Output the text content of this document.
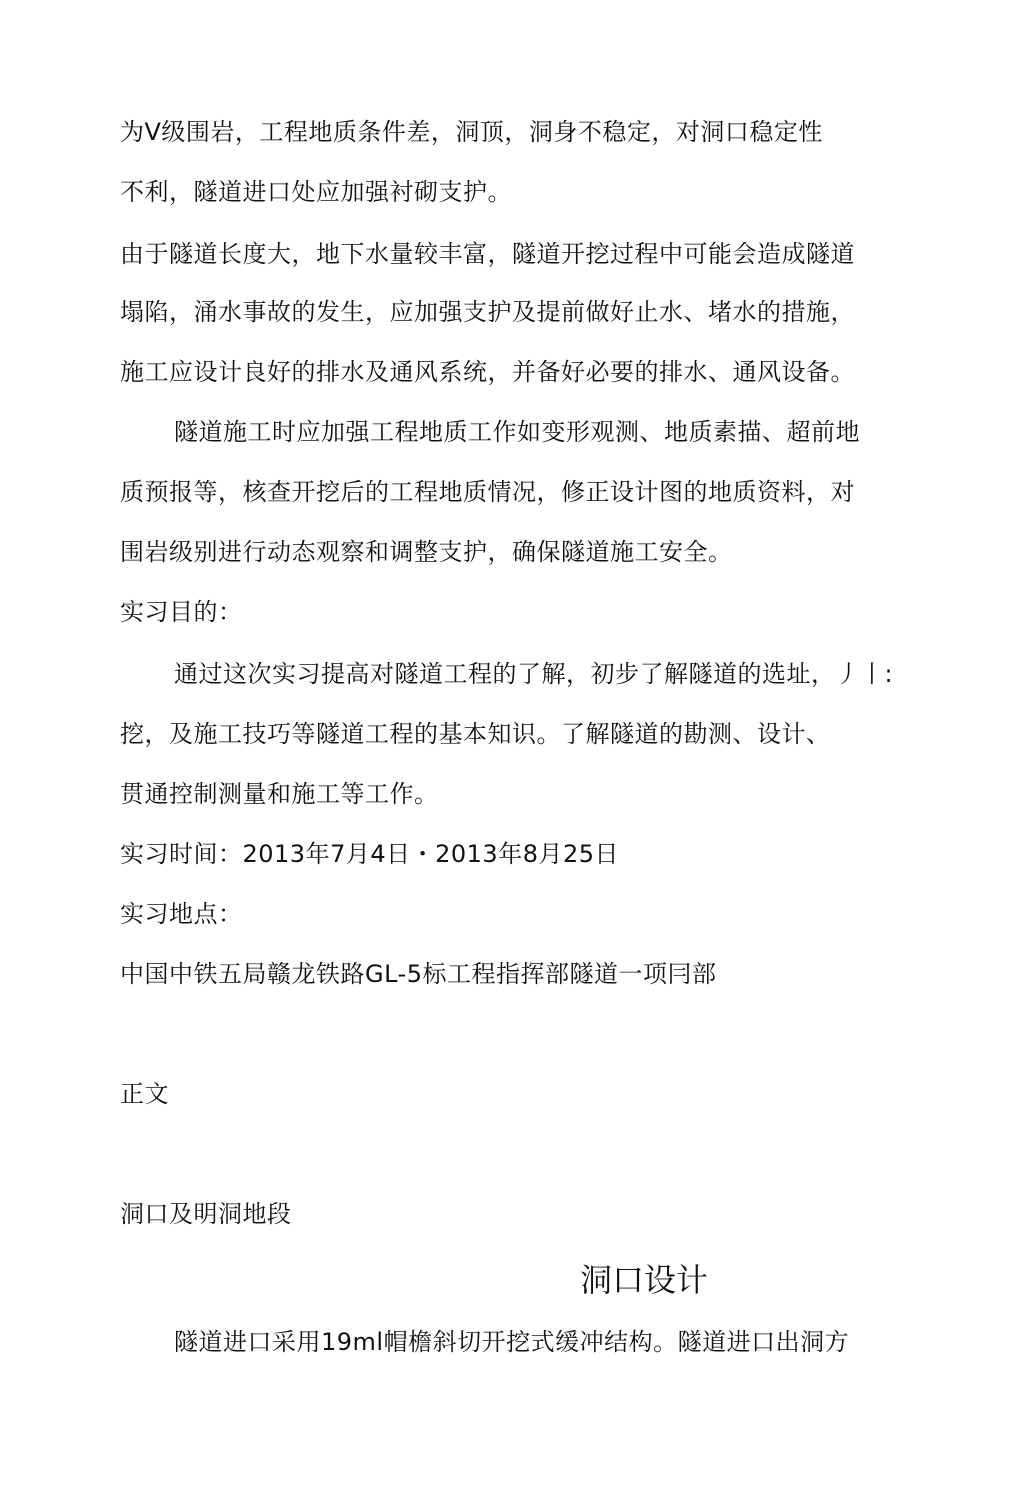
为V级围岩，工程地质条件差，洞顶，洞身不稳定，对洞口稳定性
不利，隧道进口处应加强衬砌支护。
由于隧道长度大，地下水量较丰富，隧道开挖过程中可能会造成隧道
塌陷，涌水事故的发生，应加强支护及提前做好止水、堵水的措施，
施工应设计良好的排水及通风系统，并备好必要的排水、通风设备。
隧道施工时应加强工程地质工作如变形观测、地质素描、超前地
质预报等，核查开挖后的工程地质情况，修正设计图的地质资料，对
围岩级别进行动态观察和调整支护，确保隧道施工安全。
实习目的：
通过这次实习提高对隧道工程的了解，初步了解隧道的选址，丿丨:
挖，及施工技巧等隧道工程的基本知识。了解隧道的勘测、设计、
贯通控制测量和施工等工作。
实习时间：2013年7月4日・2013年8月25日
实习地点：
中国中铁五局赣龙铁路GL-5标工程指挥部隧道一项冃部
正文
洞口及明洞地段
洞口设计
隧道进口采用19ml帽檐斜切开挖式缓冲结构。隧道进口出洞方
